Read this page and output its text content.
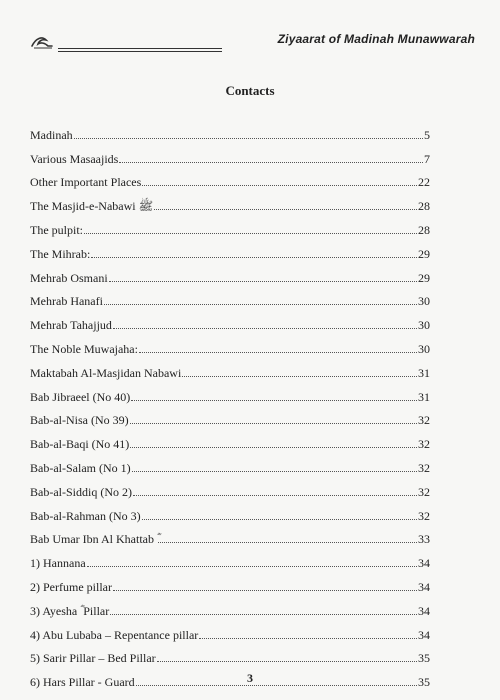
Ziyaarat of Madinah Munawwarah
Contacts
Madinah	5
Various Masaajids	7
Other Important Places	22
The Masjid-e-Nabawi ﷺ	28
The pulpit:	28
The Mihrab:	29
Mehrab Osmani	29
Mehrab Hanafi	30
Mehrab Tahajjud	30
The Noble Muwajaha:	30
Maktabah Al-Masjidan Nabawi	31
Bab Jibraeel (No 40)	31
Bab-al-Nisa (No 39)	32
Bab-al-Baqi (No 41)	32
Bab-al-Salam (No 1)	32
Bab-al-Siddiq (No 2)	32
Bab-al-Rahman (No 3)	32
Bab Umar Ibn Al Khattab ؓ	33
1) Hannana	34
2) Perfume pillar	34
3) Ayesha ؓ Pillar	34
4) Abu Lubaba – Repentance pillar	34
5) Sarir Pillar – Bed Pillar	35
6) Hars Pillar - Guard	35
3
